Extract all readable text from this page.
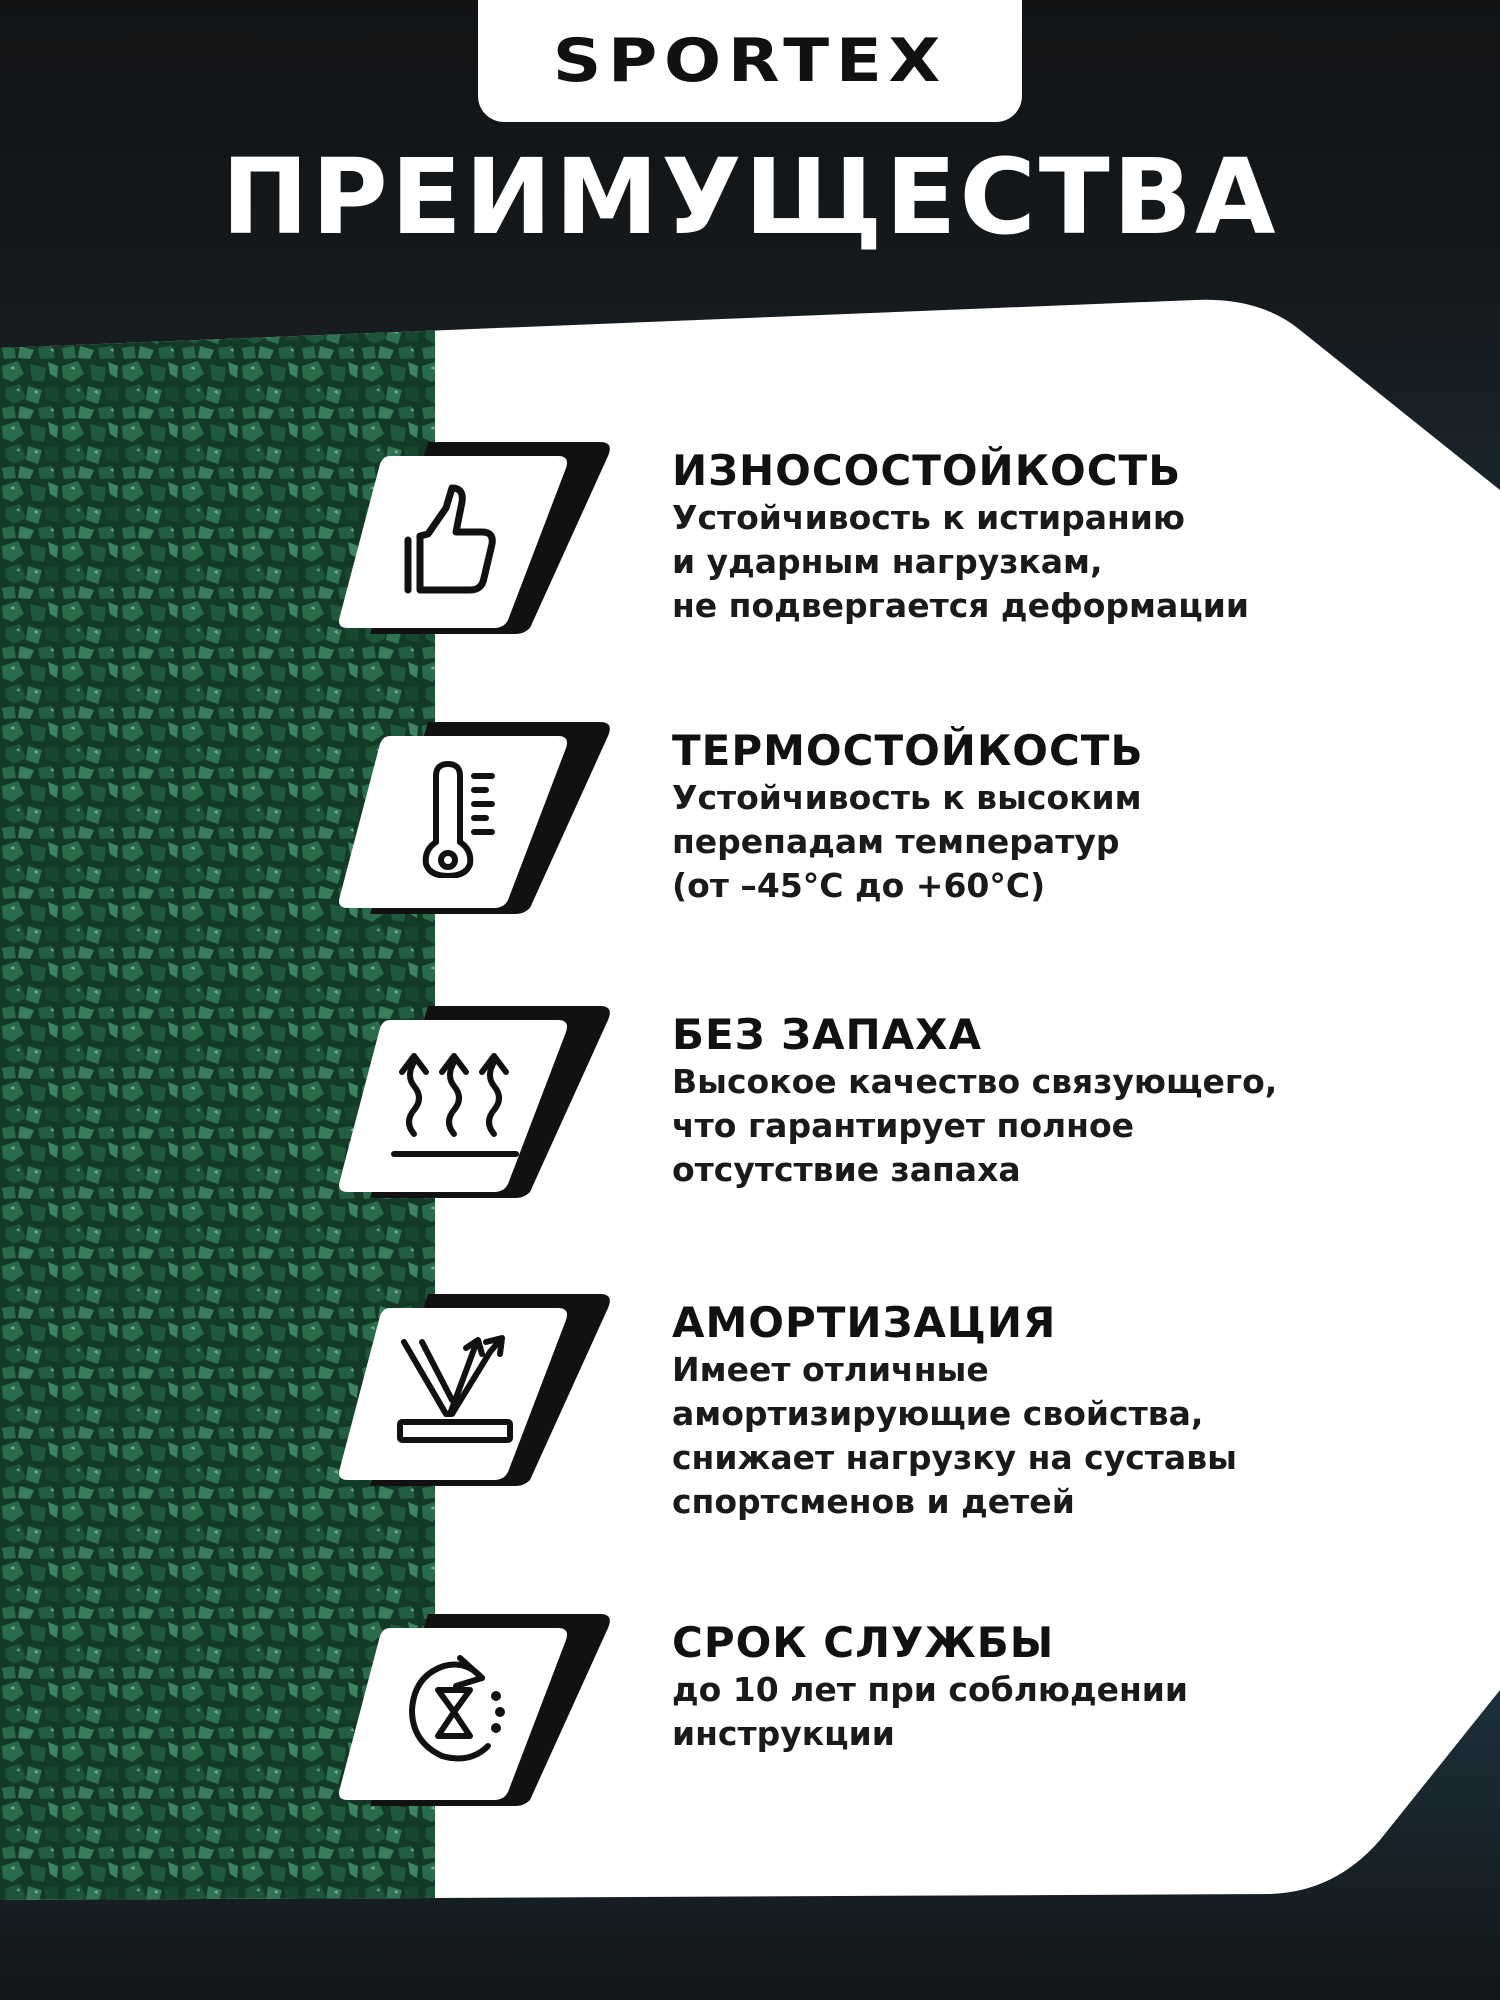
SPORTEX
ПРЕИМУЩЕСТВА
ИЗНОСОСТОЙКОСТЬ
Устойчивость к истиранию
и ударным нагрузкам,
не подвергается деформации
ТЕРМОСТОЙКОСТЬ
Устойчивость к высоким
перепадам температур
(от –45°C до +60°C)
БЕЗ ЗАПАХА
Высокое качество связующего,
что гарантирует полное
отсутствие запаха
АМОРТИЗАЦИЯ
Имеет отличные
амортизирующие свойства,
снижает нагрузку на суставы
спортсменов и детей
СРОК СЛУЖБЫ
до 10 лет при соблюдении
инструкции
